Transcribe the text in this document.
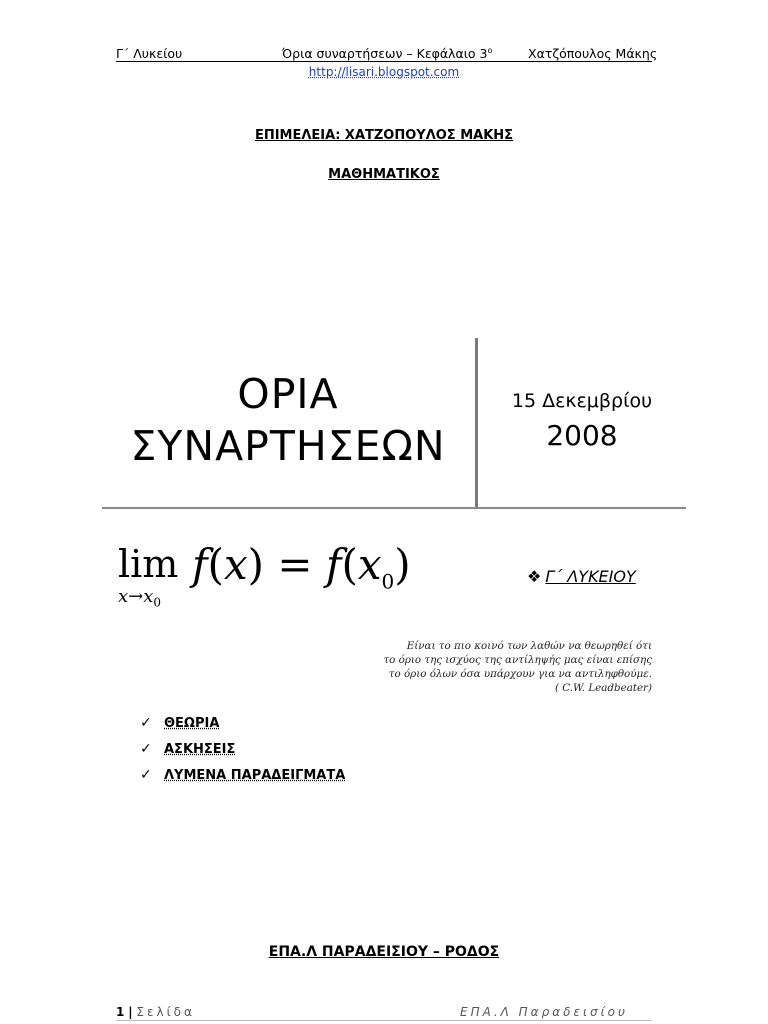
Γ΄ Λυκείου	Όρια συναρτήσεων – Κεφάλαιο $3^o$	Χατζόπουλος Μάκης
http://lisari.blogspot.com
ΕΠΙΜΕΛΕΙΑ: ΧΑΤΖΟΠΟΥΛΟΣ ΜΑΚΗΣ
ΜΑΘΗΜΑΤΙΚΟΣ
ΟΡΙΑ
ΣΥΝΑΡΤΗΣΕΩΝ
15 Δεκεμβρίου
2008
lim
$x\to x_0$
$f(x) = f(x_0)$	❖ Γ΄ ΛΥΚΕΙΟΥ
Είναι το πιο κοινό των λαθών να θεωρηθεί ότι
το όριο της ισχύος της αντίληψής μας είναι επίσης
το όριο όλων όσα υπάρχουν για να αντιληφθούμε.
( C.W. Leadbeater)
✓ ΘΕΩΡΙΑ
✓ ΑΣΚΗΣΕΙΣ
✓ ΛΥΜΕΝΑ ΠΑΡΑΔΕΙΓΜΑΤΑ
ΕΠΑ.Λ ΠΑΡΑΔΕΙΣΙΟΥ – ΡΟΔΟΣ
1 | Σελίδα	ΕΠΑ.Λ Παραδεισίου
